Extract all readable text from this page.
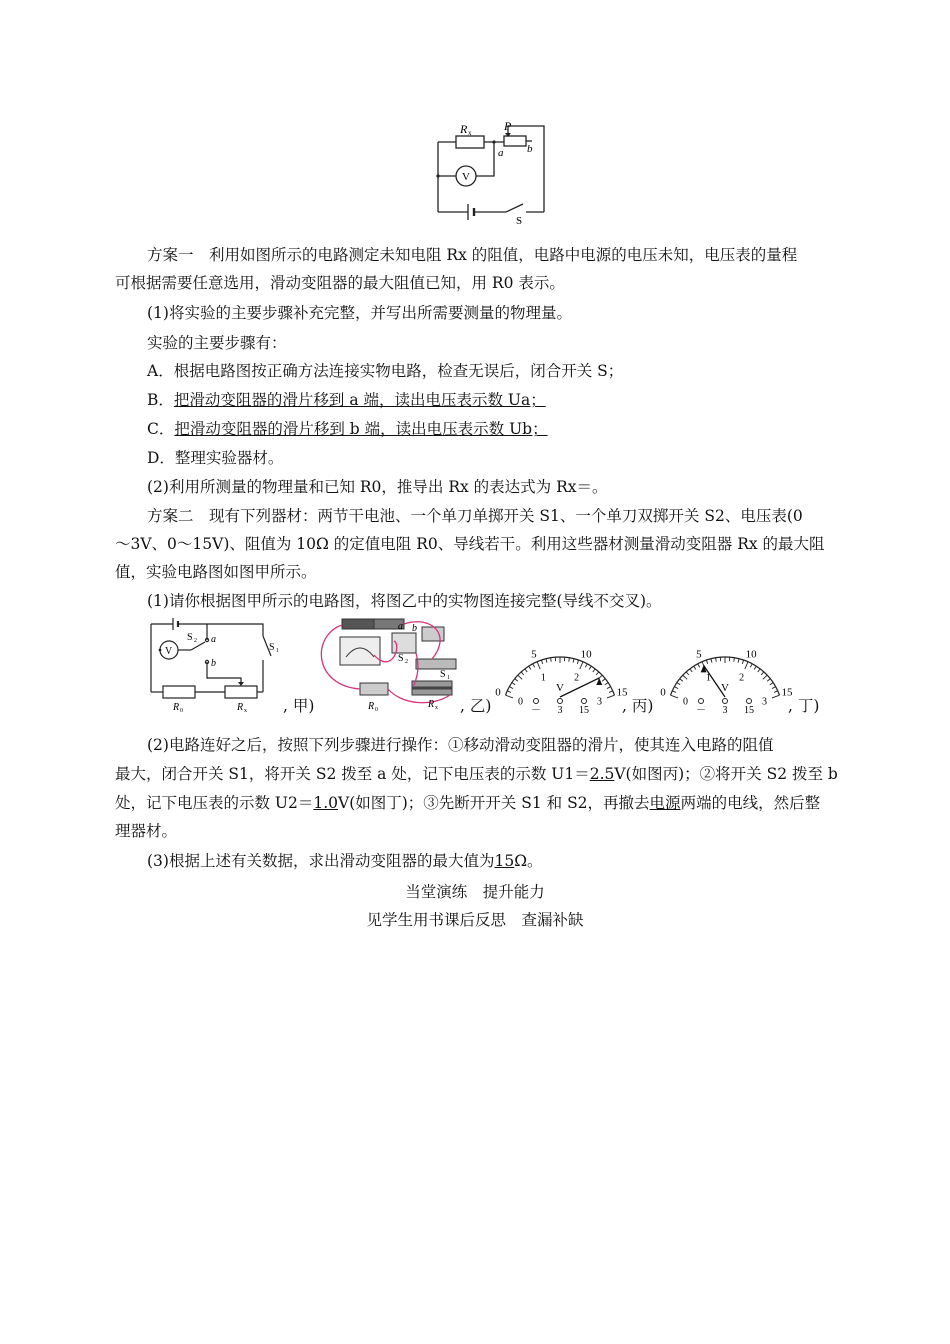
R x	P
a b
V
S
方案一　利用如图所示的电路测定未知电阻 Rx 的阻值，电路中电源的电压未知，电压表的量程
可根据需要任意选用，滑动变阻器的最大阻值已知，用 R0 表示。
(1)将实验的主要步骤补充完整，并写出所需要测量的物理量。
实验的主要步骤有：
A．根据电路图按正确方法连接实物电路，检查无误后，闭合开关 S；
B．把滑动变阻器的滑片移到 a 端，读出电压表示数 Ua；
C．把滑动变阻器的滑片移到 b 端，读出电压表示数 Ub；
D．整理实验器材。
(2)利用所测量的物理量和已知 R0，推导出 Rx 的表达式为 Rx＝。
方案二　现有下列器材：两节干电池、一个单刀单掷开关 S1、一个单刀双掷开关 S2、电压表(0
～3V、0～15V)、阻值为 10Ω 的定值电阻 R0、导线若干。利用这些器材测量滑动变阻器 Rx 的最大阻
值，实验电路图如图甲所示。
(1)请你根据图甲所示的电路图，将图乙中的实物图连接完整(导线不交叉)。
V
S 2 a
b
S 1
R 0	R x , 甲)
a b
S 2
S 1
R 0	R x , 乙)
0
5	10
15
0
1	2
3
V
－ 3 15 , 丙)
0
5	10
15
0
1	2
3
V
－ 3 15 , 丁)
(2)电路连好之后，按照下列步骤进行操作：①移动滑动变阻器的滑片，使其连入电路的阻值
最大，闭合开关 S1，将开关 S2 拨至 a 处，记下电压表的示数 U1＝2.5V(如图丙)；②将开关 S2 拨至 b
处，记下电压表的示数 U2＝1.0V(如图丁)；③先断开开关 S1 和 S2，再撤去电源两端的电线，然后整
理器材。
(3)根据上述有关数据，求出滑动变阻器的最大值为15Ω。
当堂演练　提升能力
见学生用书课后反思　查漏补缺
